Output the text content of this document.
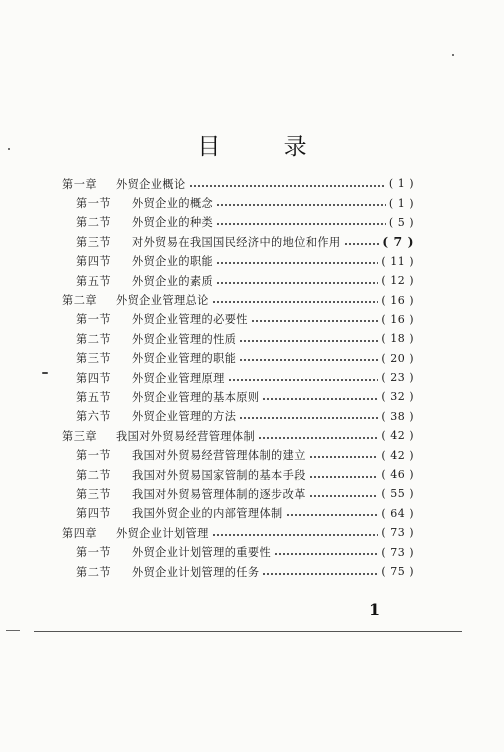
目 录
第一章	外贸企业概论	( 1 )
第一节	外贸企业的概念	( 1 )
第二节	外贸企业的种类	( 5 )
第三节	对外贸易在我国国民经济中的地位和作用	( 7 )
第四节	外贸企业的职能	( 11 )
第五节	外贸企业的素质	( 12 )
第二章	外贸企业管理总论	( 16 )
第一节	外贸企业管理的必要性	( 16 )
第二节	外贸企业管理的性质	( 18 )
第三节	外贸企业管理的职能	( 20 )
第四节	外贸企业管理原理	( 23 )
第五节	外贸企业管理的基本原则	( 32 )
第六节	外贸企业管理的方法	( 38 )
第三章	我国对外贸易经营管理体制	( 42 )
第一节	我国对外贸易经营管理体制的建立	( 42 )
第二节	我国对外贸易国家管制的基本手段	( 46 )
第三节	我国对外贸易管理体制的逐步改革	( 55 )
第四节	我国外贸企业的内部管理体制	( 64 )
第四章	外贸企业计划管理	( 73 )
第一节	外贸企业计划管理的重要性	( 73 )
第二节	外贸企业计划管理的任务	( 75 )
1
